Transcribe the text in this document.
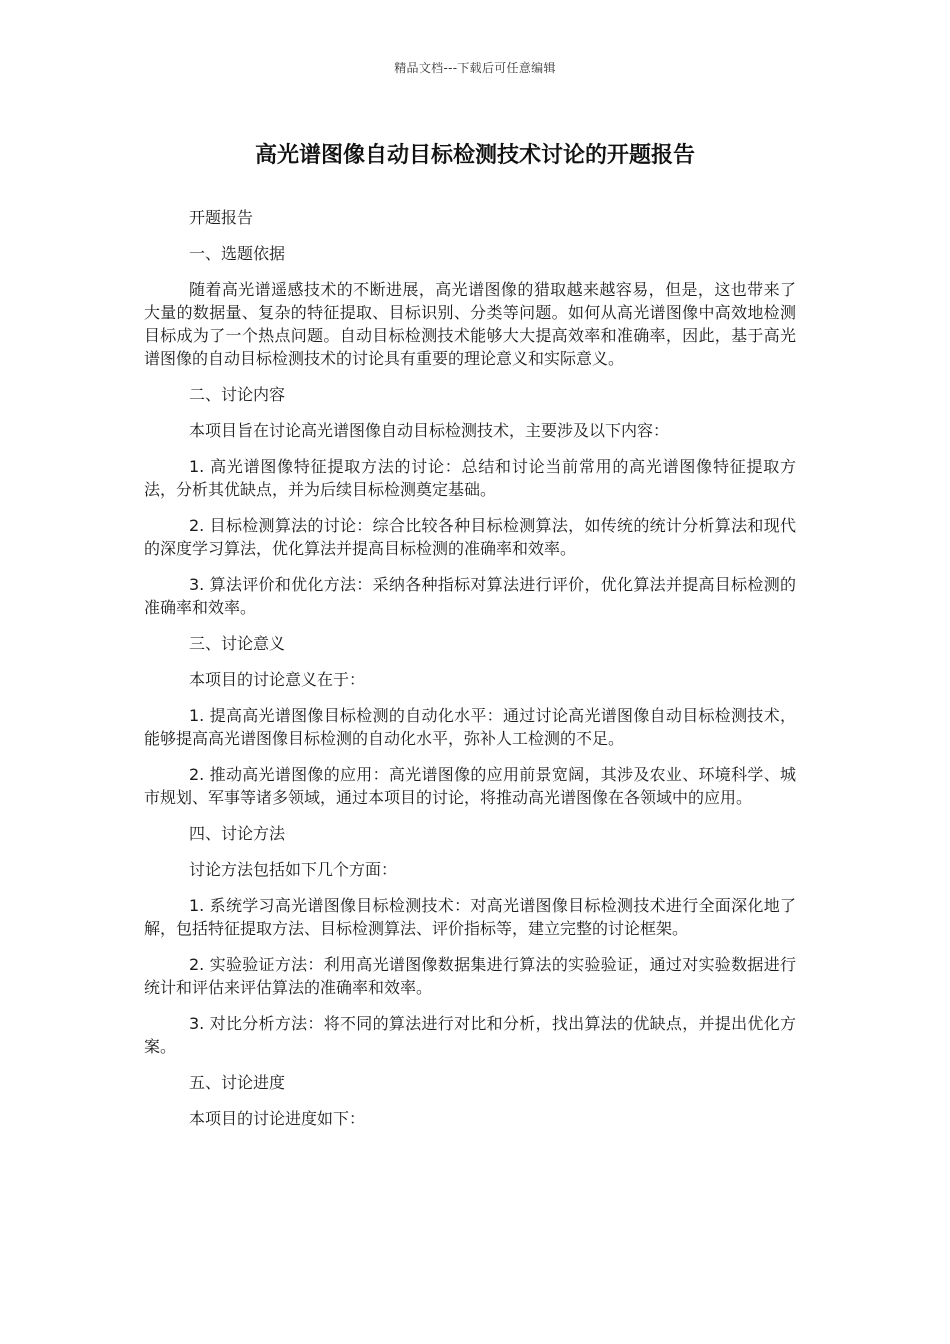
精品文档---下载后可任意编辑
高光谱图像自动目标检测技术讨论的开题报告

开题报告

一、选题依据

随着高光谱遥感技术的不断进展，高光谱图像的猎取越来越容易，但是，这也带来了大量的数据量、复杂的特征提取、目标识别、分类等问题。如何从高光谱图像中高效地检测目标成为了一个热点问题。自动目标检测技术能够大大提高效率和准确率，因此，基于高光谱图像的自动目标检测技术的讨论具有重要的理论意义和实际意义。

二、讨论内容

本项目旨在讨论高光谱图像自动目标检测技术，主要涉及以下内容：

1. 高光谱图像特征提取方法的讨论：总结和讨论当前常用的高光谱图像特征提取方法，分析其优缺点，并为后续目标检测奠定基础。

2. 目标检测算法的讨论：综合比较各种目标检测算法，如传统的统计分析算法和现代的深度学习算法，优化算法并提高目标检测的准确率和效率。

3. 算法评价和优化方法：采纳各种指标对算法进行评价，优化算法并提高目标检测的准确率和效率。

三、讨论意义

本项目的讨论意义在于：

1. 提高高光谱图像目标检测的自动化水平：通过讨论高光谱图像自动目标检测技术，能够提高高光谱图像目标检测的自动化水平，弥补人工检测的不足。

2. 推动高光谱图像的应用：高光谱图像的应用前景宽阔，其涉及农业、环境科学、城市规划、军事等诸多领域，通过本项目的讨论，将推动高光谱图像在各领域中的应用。

四、讨论方法

讨论方法包括如下几个方面：

1. 系统学习高光谱图像目标检测技术：对高光谱图像目标检测技术进行全面深化地了解，包括特征提取方法、目标检测算法、评价指标等，建立完整的讨论框架。

2. 实验验证方法：利用高光谱图像数据集进行算法的实验验证，通过对实验数据进行统计和评估来评估算法的准确率和效率。

3. 对比分析方法：将不同的算法进行对比和分析，找出算法的优缺点，并提出优化方案。

五、讨论进度

本项目的讨论进度如下：
